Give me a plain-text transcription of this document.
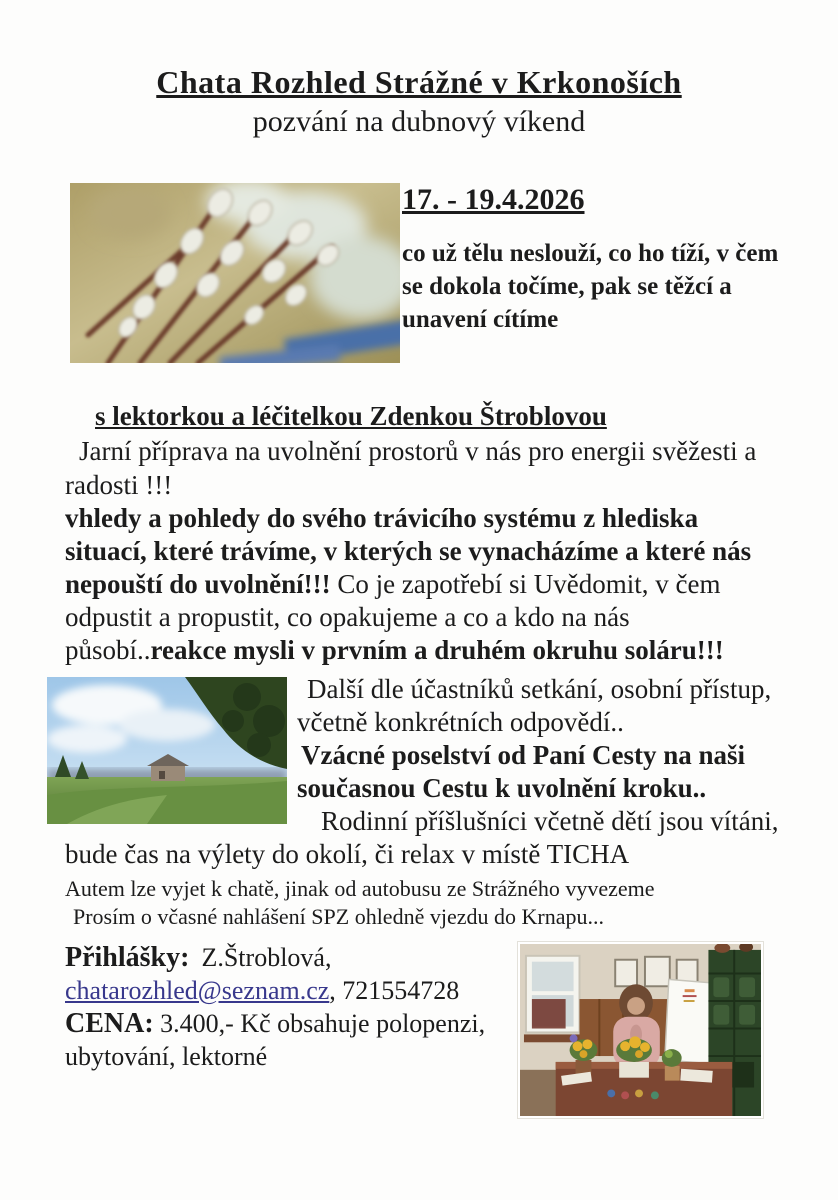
Chata Rozhled Strážné v Krkonoších
pozvání na dubnový víkend
17. - 19.4.2026
co už tělu neslouží, co ho tíží, v čem se dokola točíme, pak se těžcí a unavení cítíme
s lektorkou a léčitelkou Zdenkou Štroblovou
Jarní příprava na uvolnění prostorů v nás pro energii svěžesti a radosti !!!
vhledy a pohledy do svého trávicího systému z hlediska situací, které trávíme, v kterých se vynacházíme a které nás nepouští do uvolnění!!! Co je zapotřebí si Uvědomit, v čem odpustit a propustit, co opakujeme a co a kdo na nás působí..reakce mysli v prvním a druhém okruhu soláru!!!
Další dle účastníků setkání, osobní přístup, včetně konkrétních odpovědí..
Vzácné poselství od Paní Cesty na naši současnou Cestu k uvolnění kroku..
Rodinní příšlušníci včetně dětí jsou vítáni, bude čas na výlety do okolí, či relax v místě TICHA
Autem lze vyjet k chatě, jinak od autobusu ze Strážného vyvezeme
Prosím o včasné nahlášení SPZ ohledně vjezdu do Krnapu...
Přihlášky: Z.Štroblová,
chatarozhled@seznam.cz, 721554728
CENA: 3.400,- Kč obsahuje polopenzi,
ubytování, lektorné
